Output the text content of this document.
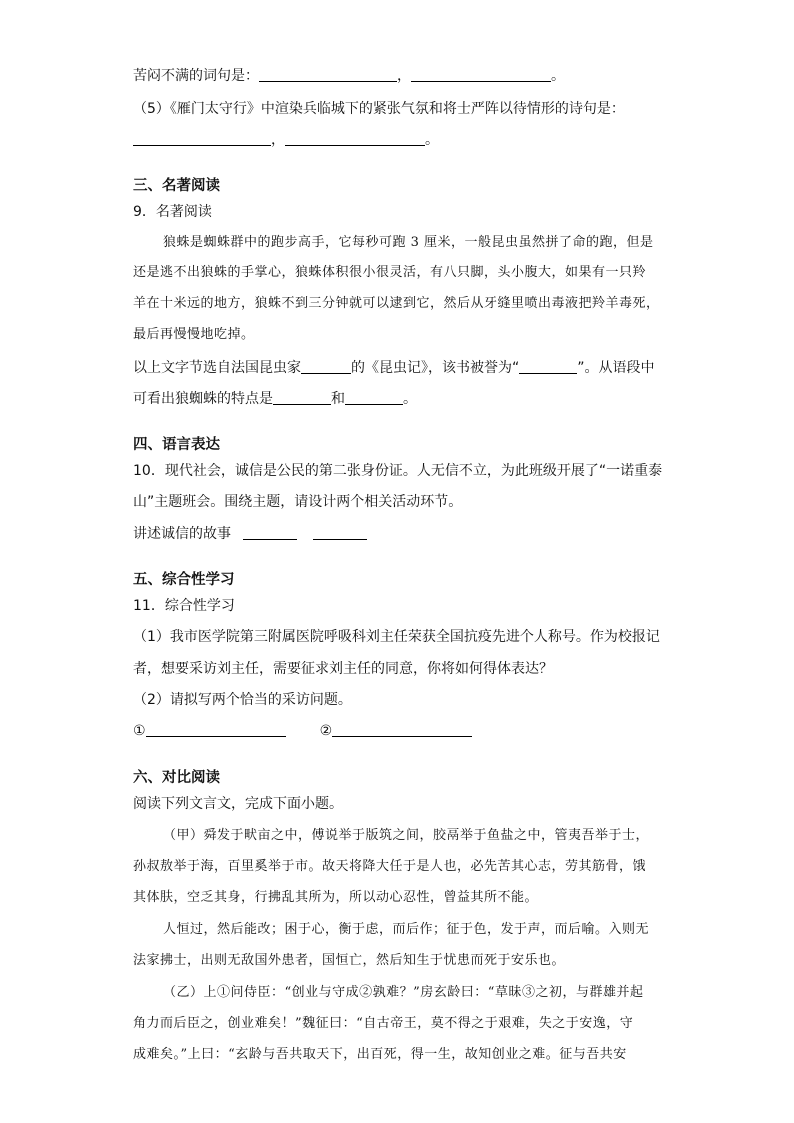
苦闷不满的词句是：	，	。
（5）《雁门太守行》中渲染兵临城下的紧张气氛和将士严阵以待情形的诗句是：
，	。
三、名著阅读
9．名著阅读
狼蛛是蜘蛛群中的跑步高手，它每秒可跑 3 厘米，一般昆虫虽然拼了命的跑，但是
还是逃不出狼蛛的手掌心，狼蛛体积很小很灵活，有八只脚，头小腹大，如果有一只羚
羊在十米远的地方，狼蛛不到三分钟就可以逮到它，然后从牙缝里喷出毒液把羚羊毒死，
最后再慢慢地吃掉。
以上文字节选自法国昆虫家	的《昆虫记》，该书被誉为“	”。从语段中
可看出狼蜘蛛的特点是	和	。
四、语言表达
10．现代社会，诚信是公民的第二张身份证。人无信不立，为此班级开展了“一诺重泰
山”主题班会。围绕主题，请设计两个相关活动环节。
讲述诚信的故事
五、综合性学习
11．综合性学习
（1）我市医学院第三附属医院呼吸科刘主任荣获全国抗疫先进个人称号。作为校报记
者，想要采访刘主任，需要征求刘主任的同意，你将如何得体表达？
（2）请拟写两个恰当的采访问题。
①	②
六、对比阅读
阅读下列文言文，完成下面小题。
（甲）舜发于畎亩之中，傅说举于版筑之间，胶鬲举于鱼盐之中，管夷吾举于士，
孙叔敖举于海，百里奚举于市。故天将降大任于是人也，必先苦其心志，劳其筋骨，饿
其体肤，空乏其身，行拂乱其所为，所以动心忍性，曾益其所不能。
人恒过，然后能改；困于心，衡于虑，而后作；征于色，发于声，而后喻。入则无
法家拂士，出则无敌国外患者，国恒亡，然后知生于忧患而死于安乐也。
（乙）上①问侍臣：“创业与守成②孰难？”房玄龄曰：“草昧③之初，与群雄并起
角力而后臣之，创业难矣！”魏征曰：“自古帝王，莫不得之于艰难，失之于安逸，守
成难矣。”上曰：“玄龄与吾共取天下，出百死，得一生，故知创业之难。征与吾共安
